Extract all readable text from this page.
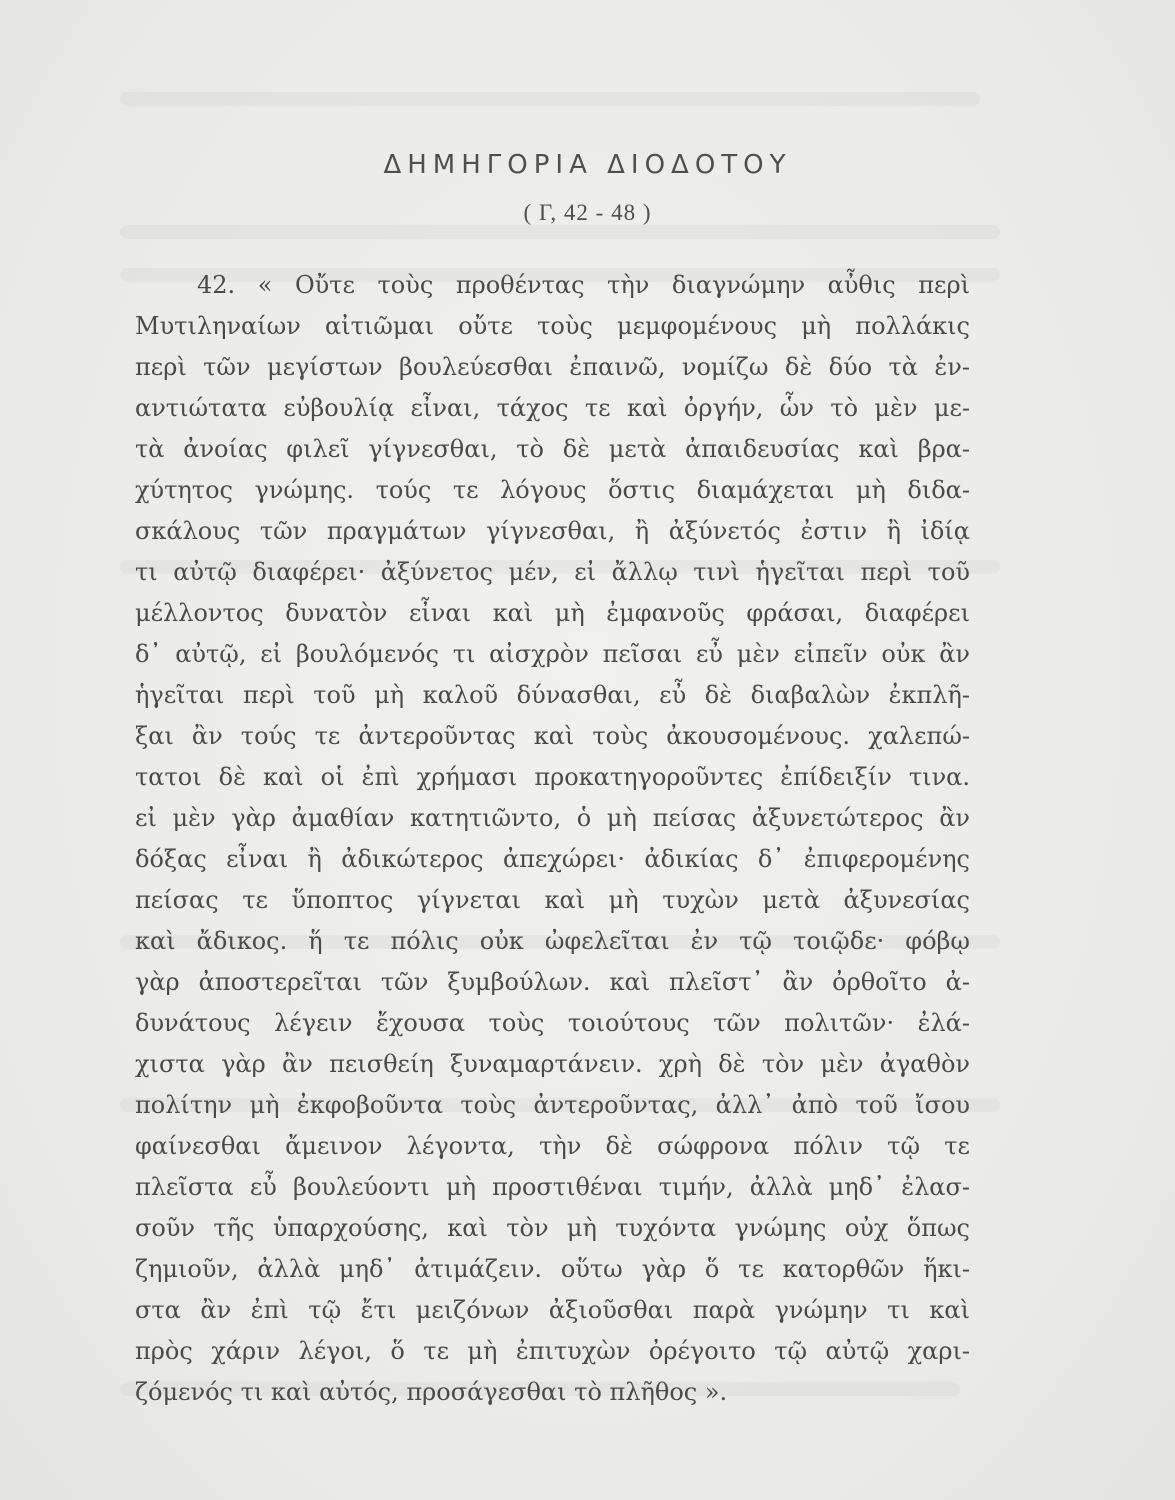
ΔΗΜΗΓΟΡΙΑ ΔΙΟΔΟΤΟΥ
( Γ, 42 - 48 )
42. « Οὔτε τοὺς προθέντας τὴν διαγνώμην αὖθις περὶ
Μυτιληναίων αἰτιῶμαι οὔτε τοὺς μεμφομένους μὴ πολλάκις
περὶ τῶν μεγίστων βουλεύεσθαι ἐπαινῶ, νομίζω δὲ δύο τὰ ἐν-
αντιώτατα εὐβουλίᾳ εἶναι, τάχος τε καὶ ὀργήν, ὧν τὸ μὲν με-
τὰ ἀνοίας φιλεῖ γίγνεσθαι, τὸ δὲ μετὰ ἀπαιδευσίας καὶ βρα-
χύτητος γνώμης. τούς τε λόγους ὅστις διαμάχεται μὴ διδα-
σκάλους τῶν πραγμάτων γίγνεσθαι, ἢ ἀξύνετός ἐστιν ἢ ἰδίᾳ
τι αὐτῷ διαφέρει· ἀξύνετος μέν, εἰ ἄλλῳ τινὶ ἡγεῖται περὶ τοῦ
μέλλοντος δυνατὸν εἶναι καὶ μὴ ἐμφανοῦς φράσαι, διαφέρει
δ᾽ αὐτῷ, εἰ βουλόμενός τι αἰσχρὸν πεῖσαι εὖ μὲν εἰπεῖν οὐκ ἂν
ἡγεῖται περὶ τοῦ μὴ καλοῦ δύνασθαι, εὖ δὲ διαβαλὼν ἐκπλῆ-
ξαι ἂν τούς τε ἀντεροῦντας καὶ τοὺς ἀκουσομένους. χαλεπώ-
τατοι δὲ καὶ οἱ ἐπὶ χρήμασι προκατηγοροῦντες ἐπίδειξίν τινα.
εἰ μὲν γὰρ ἀμαθίαν κατητιῶντο, ὁ μὴ πείσας ἀξυνετώτερος ἂν
δόξας εἶναι ἢ ἀδικώτερος ἀπεχώρει· ἀδικίας δ᾽ ἐπιφερομένης
πείσας τε ὕποπτος γίγνεται καὶ μὴ τυχὼν μετὰ ἀξυνεσίας
καὶ ἄδικος. ἥ τε πόλις οὐκ ὠφελεῖται ἐν τῷ τοιῷδε· φόβῳ
γὰρ ἀποστερεῖται τῶν ξυμβούλων. καὶ πλεῖστ᾽ ἂν ὀρθοῖτο ἀ-
δυνάτους λέγειν ἔχουσα τοὺς τοιούτους τῶν πολιτῶν· ἐλά-
χιστα γὰρ ἂν πεισθείη ξυναμαρτάνειν. χρὴ δὲ τὸν μὲν ἀγαθὸν
πολίτην μὴ ἐκφοβοῦντα τοὺς ἀντεροῦντας, ἀλλ᾽ ἀπὸ τοῦ ἴσου
φαίνεσθαι ἄμεινον λέγοντα, τὴν δὲ σώφρονα πόλιν τῷ τε
πλεῖστα εὖ βουλεύοντι μὴ προστιθέναι τιμήν, ἀλλὰ μηδ᾽ ἐλασ-
σοῦν τῆς ὑπαρχούσης, καὶ τὸν μὴ τυχόντα γνώμης οὐχ ὅπως
ζημιοῦν, ἀλλὰ μηδ᾽ ἀτιμάζειν. οὕτω γὰρ ὅ τε κατορθῶν ἥκι-
στα ἂν ἐπὶ τῷ ἔτι μειζόνων ἀξιοῦσθαι παρὰ γνώμην τι καὶ
πρὸς χάριν λέγοι, ὅ τε μὴ ἐπιτυχὼν ὀρέγοιτο τῷ αὐτῷ χαρι-
ζόμενός τι καὶ αὐτός, προσάγεσθαι τὸ πλῆθος ».
